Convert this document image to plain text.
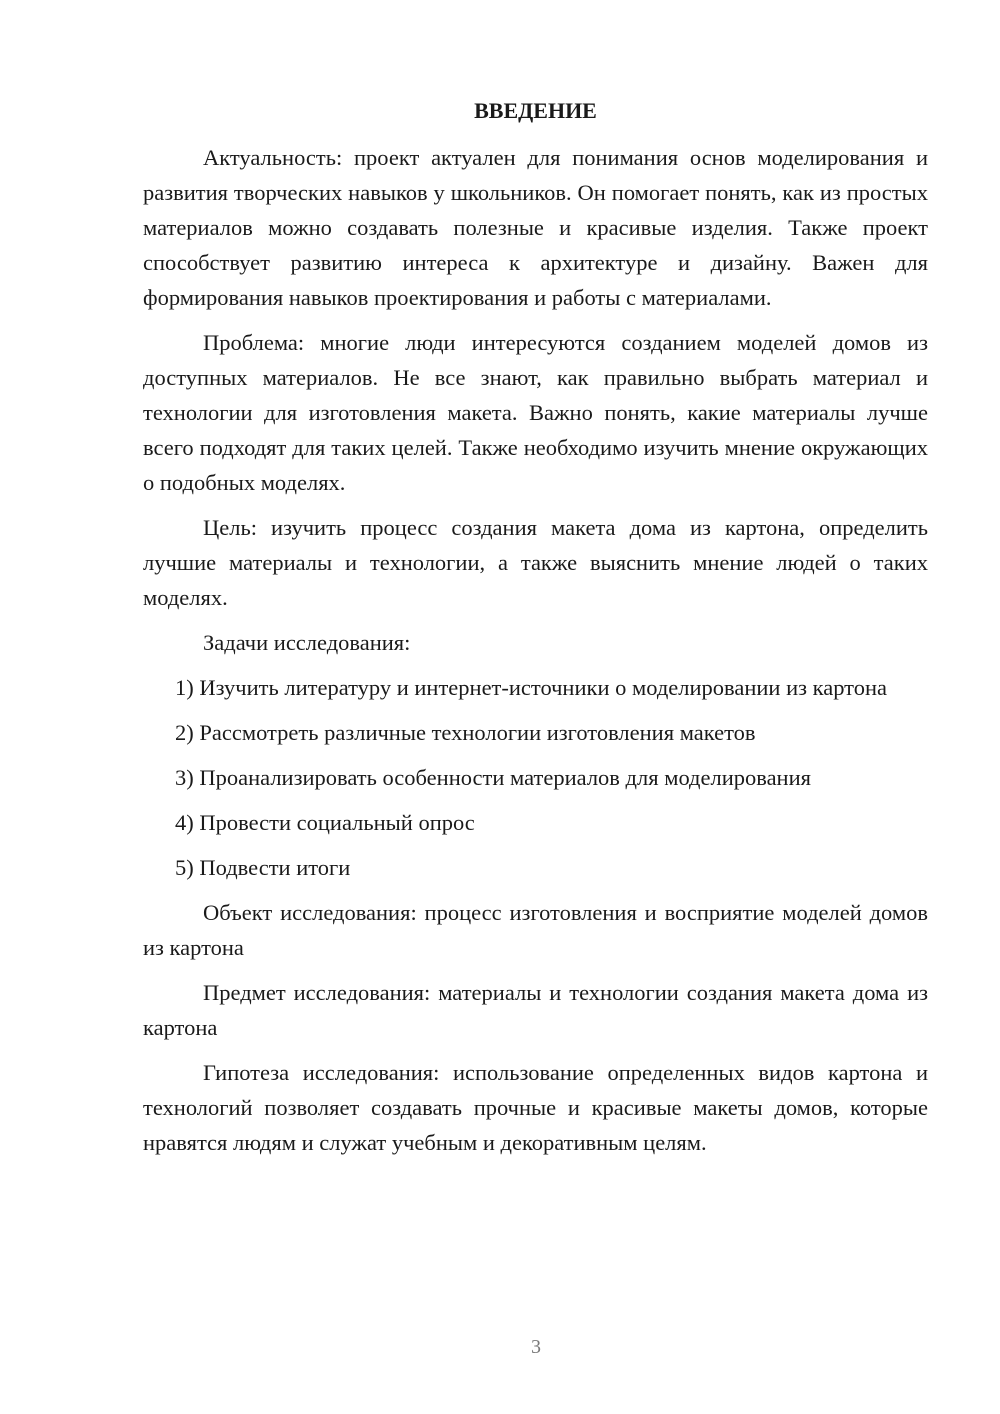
ВВЕДЕНИЕ

Актуальность: проект актуален для понимания основ моделирования и развития творческих навыков у школьников. Он помогает понять, как из простых материалов можно создавать полезные и красивые изделия. Также проект способствует развитию интереса к архитектуре и дизайну. Важен для формирования навыков проектирования и работы с материалами.

Проблема: многие люди интересуются созданием моделей домов из доступных материалов. Не все знают, как правильно выбрать материал и технологии для изготовления макета. Важно понять, какие материалы лучше всего подходят для таких целей. Также необходимо изучить мнение окружающих о подобных моделях.

Цель: изучить процесс создания макета дома из картона, определить лучшие материалы и технологии, а также выяснить мнение людей о таких моделях.

Задачи исследования:

1) Изучить литературу и интернет-источники о моделировании из картона

2) Рассмотреть различные технологии изготовления макетов

3) Проанализировать особенности материалов для моделирования

4) Провести социальный опрос

5) Подвести итоги

Объект исследования: процесс изготовления и восприятие моделей домов из картона

Предмет исследования: материалы и технологии создания макета дома из картона

Гипотеза исследования: использование определенных видов картона и технологий позволяет создавать прочные и красивые макеты домов, которые нравятся людям и служат учебным и декоративным целям.

3
